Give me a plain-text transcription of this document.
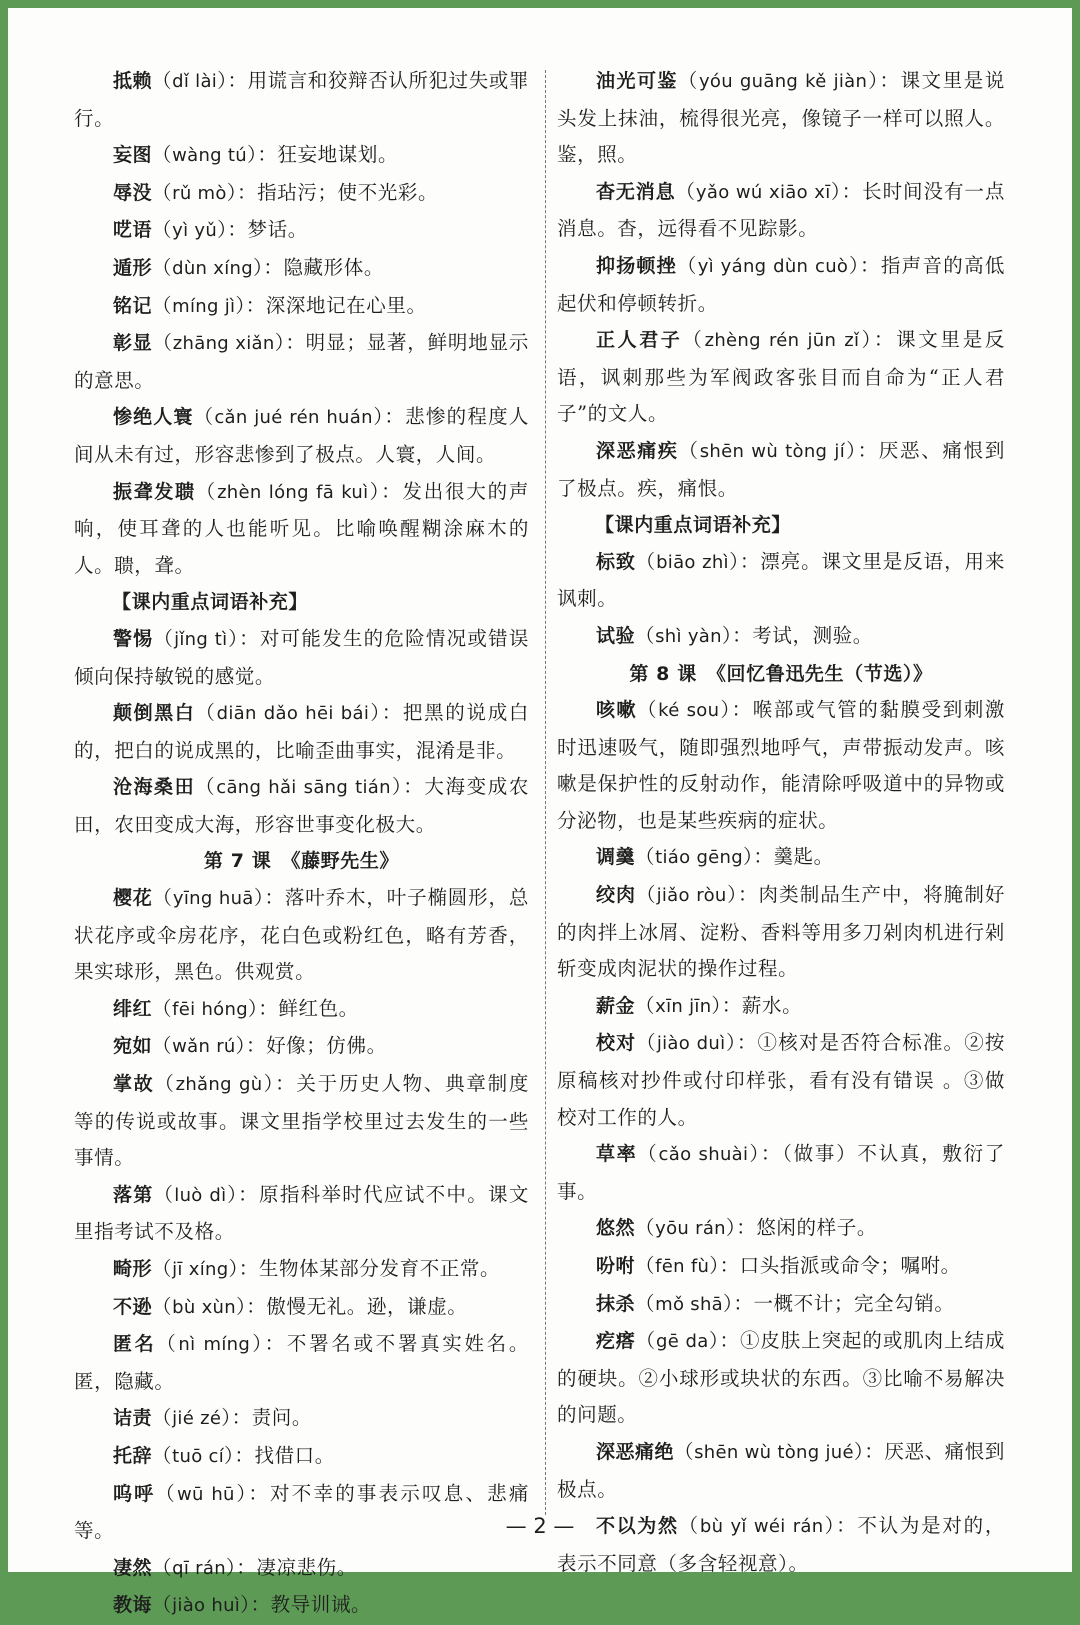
抵赖（dǐ lài）：用谎言和狡辩否认所犯过失或罪行。

妄图（wàng tú）：狂妄地谋划。

辱没（rǔ mò）：指玷污；使不光彩。

呓语（yì yǔ）：梦话。

遁形（dùn xíng）：隐藏形体。

铭记（míng jì）：深深地记在心里。

彰显（zhāng xiǎn）：明显；显著，鲜明地显示的意思。

惨绝人寰（cǎn jué rén huán）：悲惨的程度人间从未有过，形容悲惨到了极点。人寰，人间。

振聋发聩（zhèn lóng fā kuì）：发出很大的声响，使耳聋的人也能听见。比喻唤醒糊涂麻木的人。聩，聋。

【课内重点词语补充】

警惕（jǐng tì）：对可能发生的危险情况或错误倾向保持敏锐的感觉。

颠倒黑白（diān dǎo hēi bái）：把黑的说成白的，把白的说成黑的，比喻歪曲事实，混淆是非。

沧海桑田（cāng hǎi sāng tián）：大海变成农田，农田变成大海，形容世事变化极大。

第 7 课　 《藤野先生》

樱花（yīng huā）：落叶乔木，叶子椭圆形，总状花序或伞房花序，花白色或粉红色，略有芳香，果实球形，黑色。供观赏。

绯红（fēi hóng）：鲜红色。

宛如（wǎn rú）：好像；仿佛。

掌故（zhǎng gù）：关于历史人物、典章制度等的传说或故事。课文里指学校里过去发生的一些事情。

落第（luò dì）：原指科举时代应试不中。课文里指考试不及格。

畸形（jī xíng）：生物体某部分发育不正常。

不逊（bù xùn）：傲慢无礼。逊，谦虚。

匿名（nì míng）：不署名或不署真实姓名。匿，隐藏。

诘责（jié zé）：责问。

托辞（tuō cí）：找借口。

呜呼（wū hū）：对不幸的事表示叹息、悲痛等。

凄然（qī rán）：凄凉悲伤。

教诲（jiào huì）：教导训诫。

油光可鉴（yóu guāng kě jiàn）：课文里是说头发上抹油，梳得很光亮，像镜子一样可以照人。鉴，照。

杳无消息（yǎo wú xiāo xī）：长时间没有一点消息。杳，远得看不见踪影。

抑扬顿挫（yì yáng dùn cuò）：指声音的高低起伏和停顿转折。

正人君子（zhèng rén jūn zǐ）：课文里是反语，讽刺那些为军阀政客张目而自命为“正人君子”的文人。

深恶痛疾（shēn wù tòng jí）：厌恶、痛恨到了极点。疾，痛恨。

【课内重点词语补充】

标致（biāo zhì）：漂亮。课文里是反语，用来讽刺。

试验（shì yàn）：考试，测验。

第 8 课　 《回忆鲁迅先生（节选）》

咳嗽（ké sou）：喉部或气管的黏膜受到刺激时迅速吸气，随即强烈地呼气，声带振动发声。咳嗽是保护性的反射动作，能清除呼吸道中的异物或分泌物，也是某些疾病的症状。

调羹（tiáo gēng）：羹匙。

绞肉（jiǎo ròu）：肉类制品生产中，将腌制好的肉拌上冰屑、淀粉、香料等用多刀剁肉机进行剁斩变成肉泥状的操作过程。

薪金（xīn jīn）：薪水。

校对（jiào duì）：①核对是否符合标准。②按原稿核对抄件或付印样张，看有没有错误 。③做校对工作的人。

草率（cǎo shuài）：（做事）不认真，敷衍了事。

悠然（yōu rán）：悠闲的样子。

吩咐（fēn fù）：口头指派或命令；嘱咐。

抹杀（mǒ shā）：一概不计；完全勾销。

疙瘩（gē da）：①皮肤上突起的或肌肉上结成的硬块。②小球形或块状的东西。③比喻不易解决的问题。

深恶痛绝（shēn wù tòng jué）：厌恶、痛恨到极点。

不以为然（bù yǐ wéi rán）：不认为是对的，表示不同意（多含轻视意）。

— 2 —
